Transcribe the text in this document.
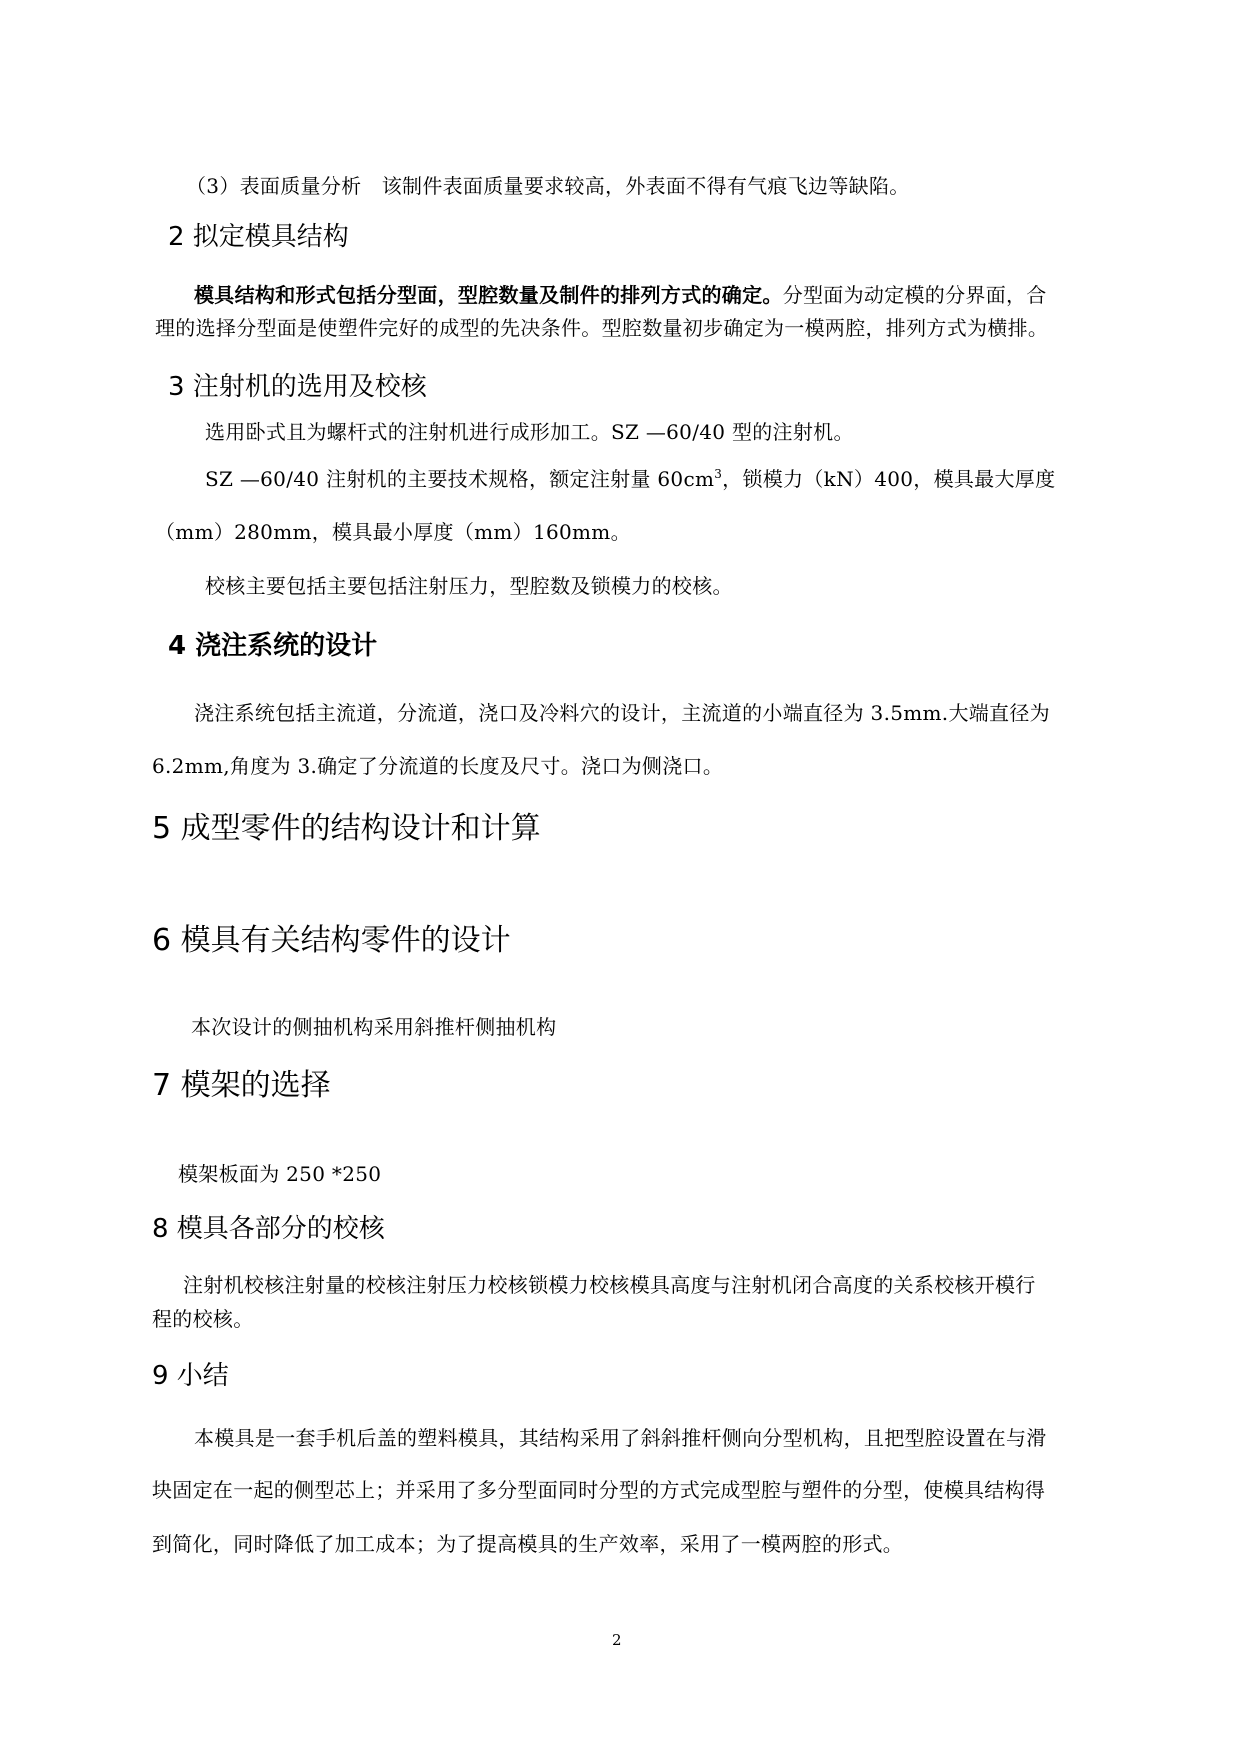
（3）表面质量分析　该制件表面质量要求较高，外表面不得有气痕飞边等缺陷。
2 拟定模具结构
模具结构和形式包括分型面，型腔数量及制件的排列方式的确定。分型面为动定模的分界面，合
理的选择分型面是使塑件完好的成型的先决条件。型腔数量初步确定为一模两腔，排列方式为横排。
3 注射机的选用及校核
选用卧式且为螺杆式的注射机进行成形加工。SZ —60/40 型的注射机。
SZ —60/40 注射机的主要技术规格，额定注射量 $60cm^3$，锁模力（kN）400，模具最大厚度
（mm）280mm，模具最小厚度（mm）160mm。
校核主要包括主要包括注射压力，型腔数及锁模力的校核。
4 浇注系统的设计
浇注系统包括主流道，分流道，浇口及冷料穴的设计，主流道的小端直径为 3.5mm.大端直径为
6.2mm,角度为 3.确定了分流道的长度及尺寸。浇口为侧浇口。
5 成型零件的结构设计和计算
6 模具有关结构零件的设计
本次设计的侧抽机构采用斜推杆侧抽机构
7 模架的选择
模架板面为 250 *250
8 模具各部分的校核
注射机校核注射量的校核注射压力校核锁模力校核模具高度与注射机闭合高度的关系校核开模行
程的校核。
9 小结
本模具是一套手机后盖的塑料模具，其结构采用了斜斜推杆侧向分型机构，且把型腔设置在与滑
块固定在一起的侧型芯上；并采用了多分型面同时分型的方式完成型腔与塑件的分型，使模具结构得
到简化，同时降低了加工成本；为了提高模具的生产效率，采用了一模两腔的形式。
2
